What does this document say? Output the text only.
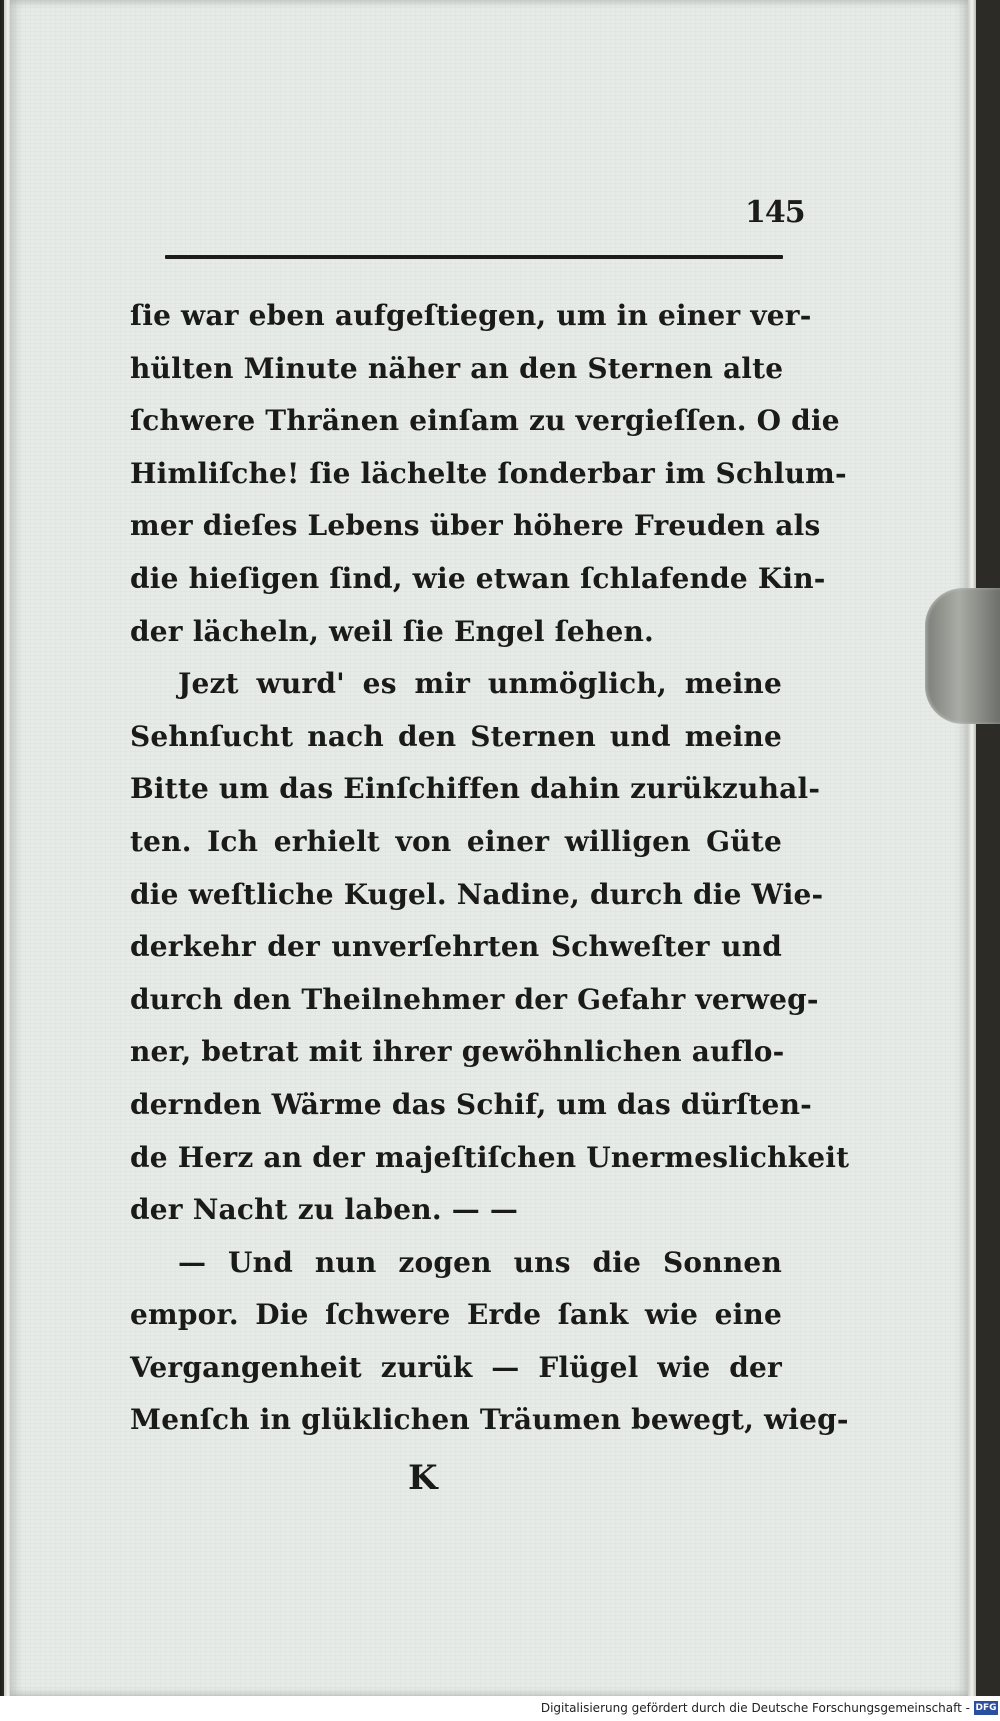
145
ſie war eben aufgeſtiegen, um in einer ver-
hülten Minute näher an den Sternen alte
ſchwere Thränen einſam zu vergieſſen. O die
Himliſche! ſie lächelte ſonderbar im Schlum-
mer dieſes Lebens über höhere Freuden als
die hieſigen ſind, wie etwan ſchlafende Kin-
der lächeln, weil ſie Engel ſehen.
Jezt wurd' es mir unmöglich, meine
Sehnſucht nach den Sternen und meine
Bitte um das Einſchiffen dahin zurükzuhal-
ten. Ich erhielt von einer willigen Güte
die weſtliche Kugel. Nadine, durch die Wie-
derkehr der unverſehrten Schweſter und
durch den Theilnehmer der Gefahr verweg-
ner, betrat mit ihrer gewöhnlichen auflo-
dernden Wärme das Schif, um das dürſten-
de Herz an der majeſtiſchen Unermeslichkeit
der Nacht zu laben. — —
— Und nun zogen uns die Sonnen
empor. Die ſchwere Erde ſank wie eine
Vergangenheit zurük — Flügel wie der
Menſch in glüklichen Träumen bewegt, wieg-
K
Digitalisierung gefördert durch die Deutsche Forschungsgemeinschaft - DFG
